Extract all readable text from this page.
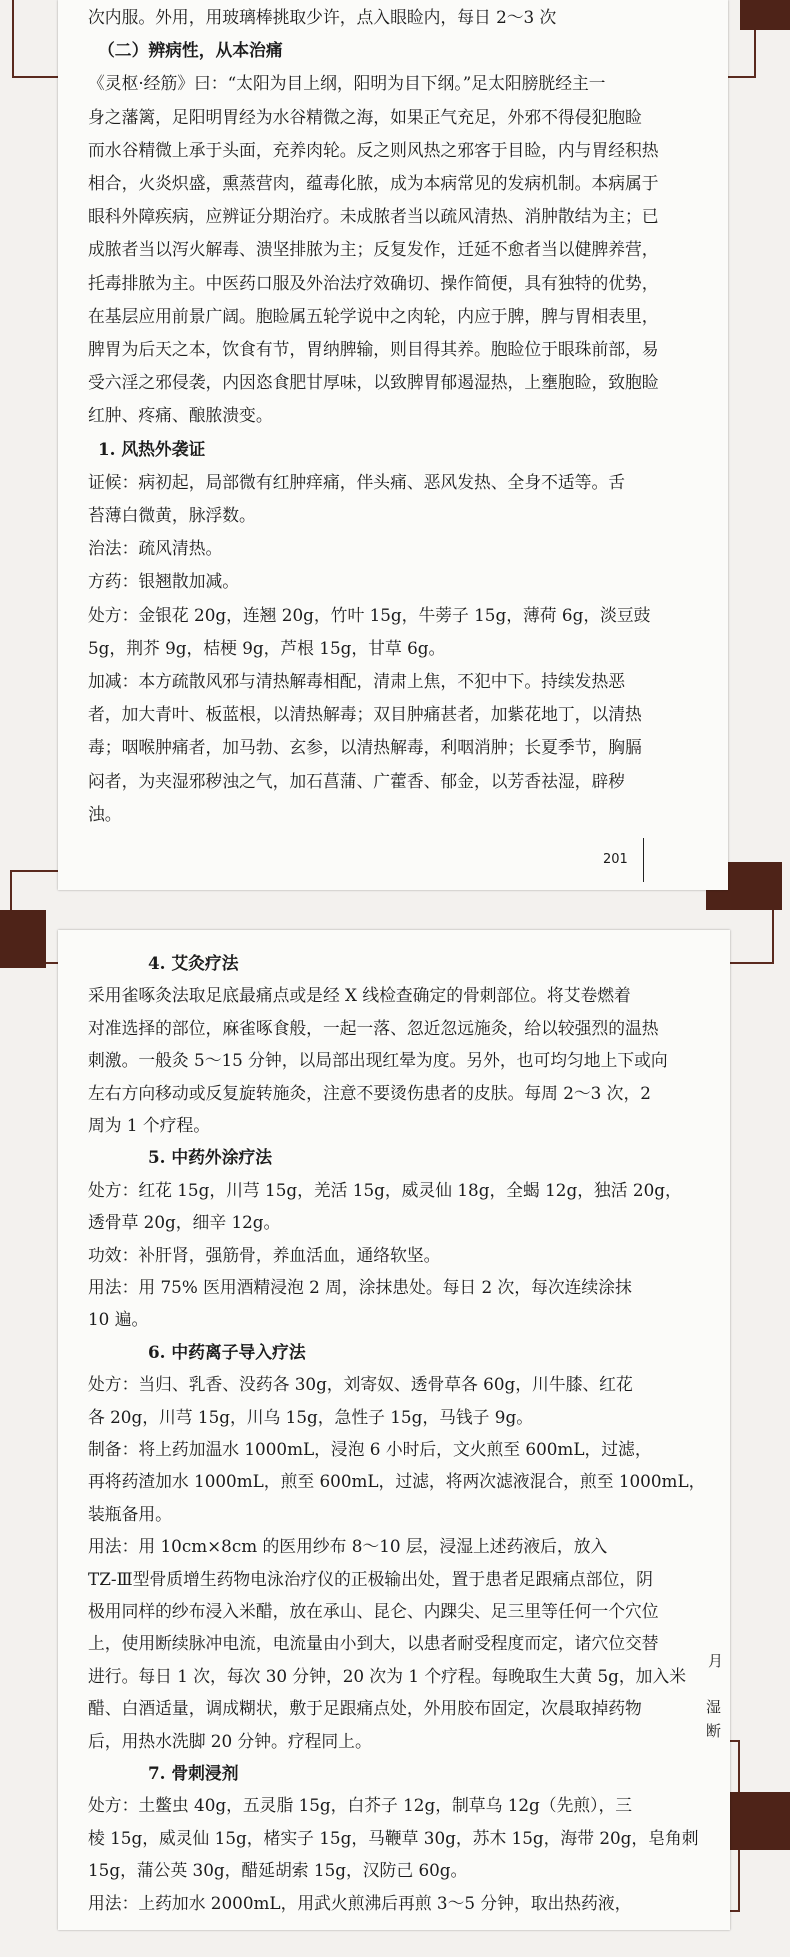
次内服。外用，用玻璃棒挑取少许，点入眼睑内，每日 2～3 次
（二）辨病性，从本治痛
《灵枢·经筋》曰：“太阳为目上纲，阳明为目下纲。”足太阳膀胱经主一
身之藩篱，足阳明胃经为水谷精微之海，如果正气充足，外邪不得侵犯胞睑
而水谷精微上承于头面，充养肉轮。反之则风热之邪客于目睑，内与胃经积热
相合，火炎炽盛，熏蒸营肉，蕴毒化脓，成为本病常见的发病机制。本病属于
眼科外障疾病，应辨证分期治疗。未成脓者当以疏风清热、消肿散结为主；已
成脓者当以泻火解毒、溃坚排脓为主；反复发作，迁延不愈者当以健脾养营，
托毒排脓为主。中医药口服及外治法疗效确切、操作简便，具有独特的优势，
在基层应用前景广阔。胞睑属五轮学说中之肉轮，内应于脾，脾与胃相表里，
脾胃为后天之本，饮食有节，胃纳脾输，则目得其养。胞睑位于眼珠前部，易
受六淫之邪侵袭，内因恣食肥甘厚味，以致脾胃郁遏湿热，上壅胞睑，致胞睑
红肿、疼痛、酿脓溃变。
1. 风热外袭证
证候：病初起，局部微有红肿痒痛，伴头痛、恶风发热、全身不适等。舌
苔薄白微黄，脉浮数。
治法：疏风清热。
方药：银翘散加减。
处方：金银花 20g，连翘 20g，竹叶 15g，牛蒡子 15g，薄荷 6g，淡豆豉
5g，荆芥 9g，桔梗 9g，芦根 15g，甘草 6g。
加减：本方疏散风邪与清热解毒相配，清肃上焦，不犯中下。持续发热恶
者，加大青叶、板蓝根，以清热解毒；双目肿痛甚者，加紫花地丁，以清热
毒；咽喉肿痛者，加马勃、玄参，以清热解毒，利咽消肿；长夏季节，胸膈
闷者，为夹湿邪秽浊之气，加石菖蒲、广藿香、郁金，以芳香祛湿，辟秽
浊。
201
4. 艾灸疗法
采用雀啄灸法取足底最痛点或是经 X 线检查确定的骨刺部位。将艾卷燃着
对准选择的部位，麻雀啄食般，一起一落、忽近忽远施灸，给以较强烈的温热
刺激。一般灸 5～15 分钟，以局部出现红晕为度。另外，也可均匀地上下或向
左右方向移动或反复旋转施灸，注意不要烫伤患者的皮肤。每周 2～3 次，2
周为 1 个疗程。
5. 中药外涂疗法
处方：红花 15g，川芎 15g，羌活 15g，威灵仙 18g，全蝎 12g，独活 20g，
透骨草 20g，细辛 12g。
功效：补肝肾，强筋骨，养血活血，通络软坚。
用法：用 75% 医用酒精浸泡 2 周，涂抹患处。每日 2 次，每次连续涂抹
10 遍。
6. 中药离子导入疗法
处方：当归、乳香、没药各 30g，刘寄奴、透骨草各 60g，川牛膝、红花
各 20g，川芎 15g，川乌 15g，急性子 15g，马钱子 9g。
制备：将上药加温水 1000mL，浸泡 6 小时后，文火煎至 600mL，过滤，
再将药渣加水 1000mL，煎至 600mL，过滤，将两次滤液混合，煎至 1000mL，
装瓶备用。
用法：用 10cm×8cm 的医用纱布 8～10 层，浸湿上述药液后，放入
TZ-Ⅲ型骨质增生药物电泳治疗仪的正极输出处，置于患者足跟痛点部位，阴
极用同样的纱布浸入米醋，放在承山、昆仑、内踝尖、足三里等任何一个穴位
上，使用断续脉冲电流，电流量由小到大，以患者耐受程度而定，诸穴位交替
进行。每日 1 次，每次 30 分钟，20 次为 1 个疗程。每晚取生大黄 5g，加入米
醋、白酒适量，调成糊状，敷于足跟痛点处，外用胶布固定，次晨取掉药物
后，用热水洗脚 20 分钟。疗程同上。
7. 骨刺浸剂
处方：土鳖虫 40g，五灵脂 15g，白芥子 12g，制草乌 12g（先煎），三
棱 15g，威灵仙 15g，楮实子 15g，马鞭草 30g，苏木 15g，海带 20g，皂角刺
15g，蒲公英 30g，醋延胡索 15g，汉防己 60g。
用法：上药加水 2000mL，用武火煎沸后再煎 3～5 分钟，取出热药液，
月
湿
断
